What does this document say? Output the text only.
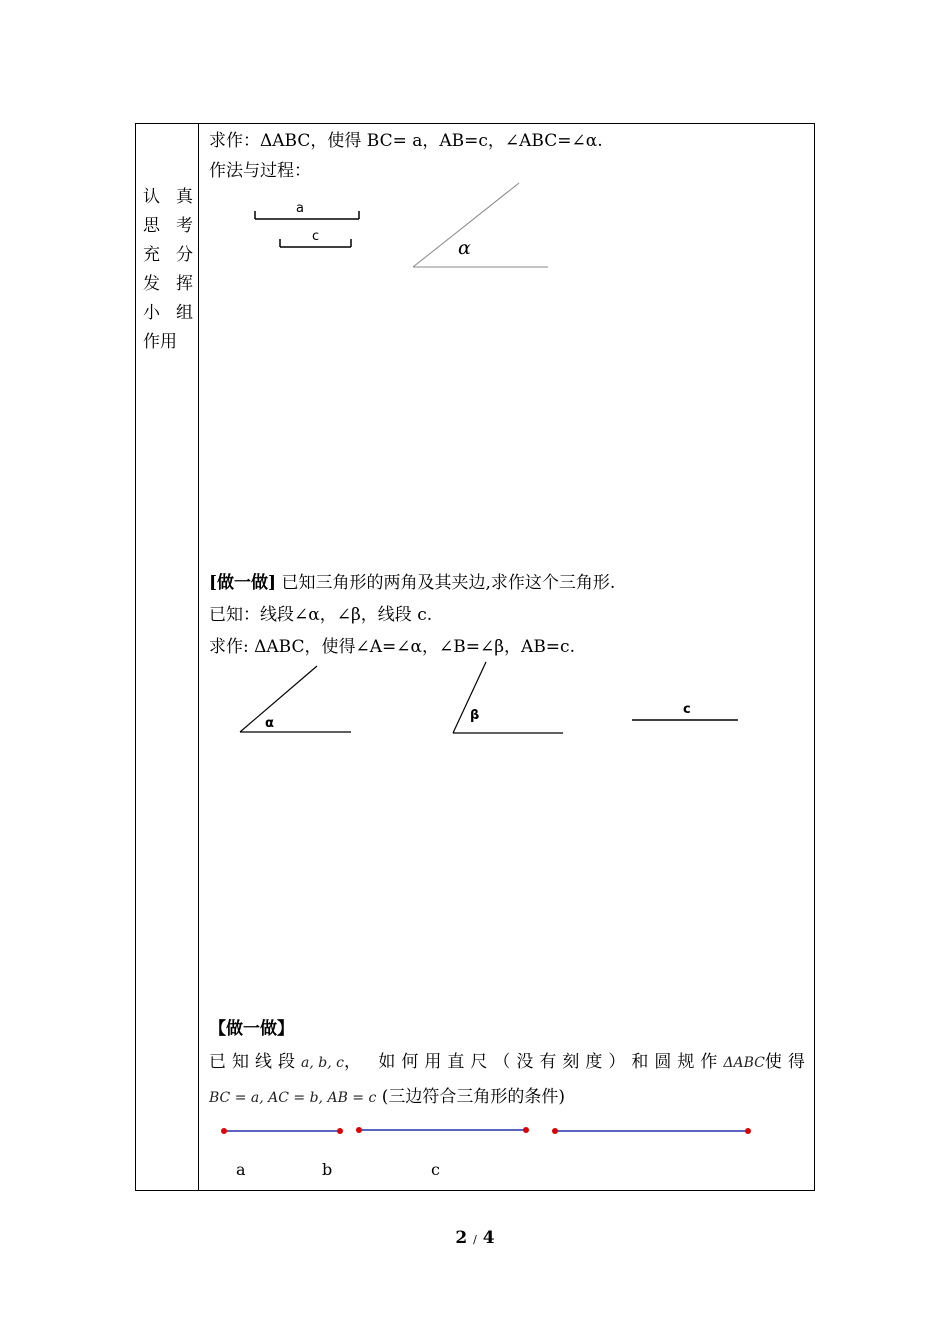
认 真
思 考
充 分
发 挥
小 组
作用
求作：ΔABC，使得 BC= a，AB=c，∠ABC=∠α.
作法与过程：
a
c
α
[做一做] 已知三角形的两角及其夹边,求作这个三角形.
已知：线段∠α，∠β，线段 c.
求作: ΔABC，使得∠A=∠α，∠B=∠β，AB=c.
α
β	c
【做一做】
已知线段 a, b, c ， 如何用直尺（没有刻度）和圆规作 ΔABC 使得
BC = a, AC = b, AB = c (三边符合三角形的条件)
a	b	c
2 / 4
